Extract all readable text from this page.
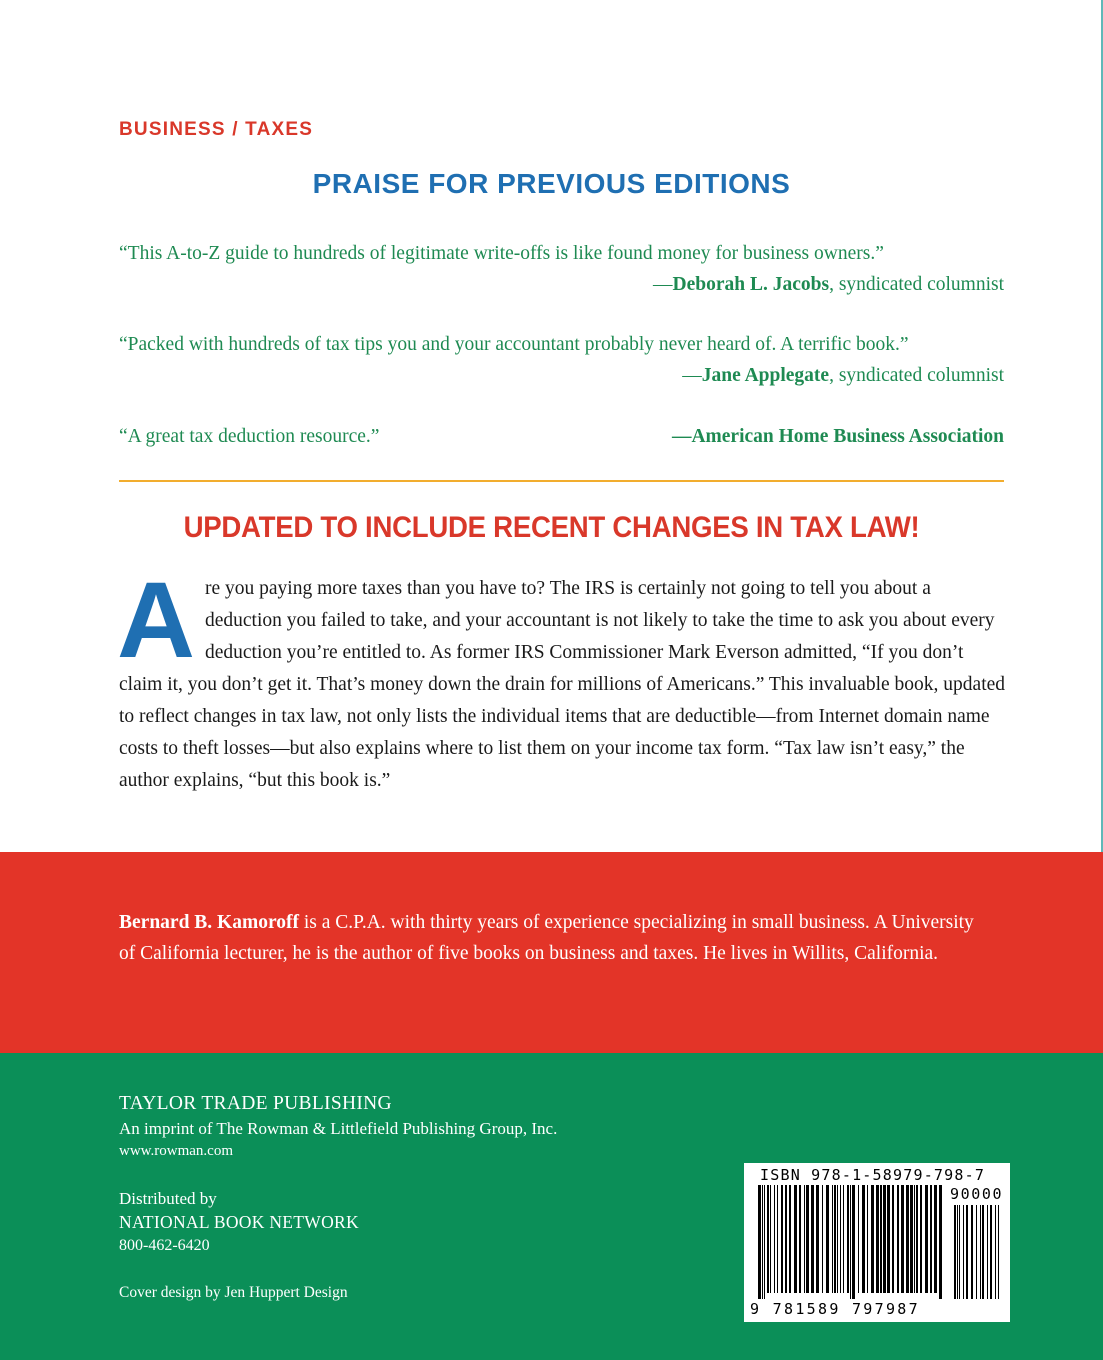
BUSINESS / TAXES

PRAISE FOR PREVIOUS EDITIONS
“This A-to-Z guide to hundreds of legitimate write-offs is like found money for business owners.”
—Deborah L. Jacobs, syndicated columnist
“Packed with hundreds of tax tips you and your accountant probably never heard of. A terrific book.”
—Jane Applegate, syndicated columnist
“A great tax deduction resource.”	—American Home Business Association
UPDATED TO INCLUDE RECENT CHANGES IN TAX LAW!

Are you paying more taxes than you have to? The IRS is certainly not going to tell you about a deduction you failed to take, and your accountant is not likely to take the time to ask you about every deduction you’re entitled to. As former IRS Commissioner Mark Everson admitted, “If you don’t claim it, you don’t get it. That’s money down the drain for millions of Americans.” This invaluable book, updated to reflect changes in tax law, not only lists the individual items that are deductible—from Internet domain name costs to theft losses—but also explains where to list them on your income tax form. “Tax law isn’t easy,” the author explains, “but this book is.”

Bernard B. Kamoroff is a C.P.A. with thirty years of experience specializing in small business. A University of California lecturer, he is the author of five books on business and taxes. He lives in Willits, California.

TAYLOR TRADE PUBLISHING

An imprint of The Rowman & Littlefield Publishing Group, Inc.

www.rowman.com

Distributed by

NATIONAL BOOK NETWORK

800-462-6420

Cover design by Jen Huppert Design

ISBN 978-1-58979-798-7

90000

9 781589 797987
